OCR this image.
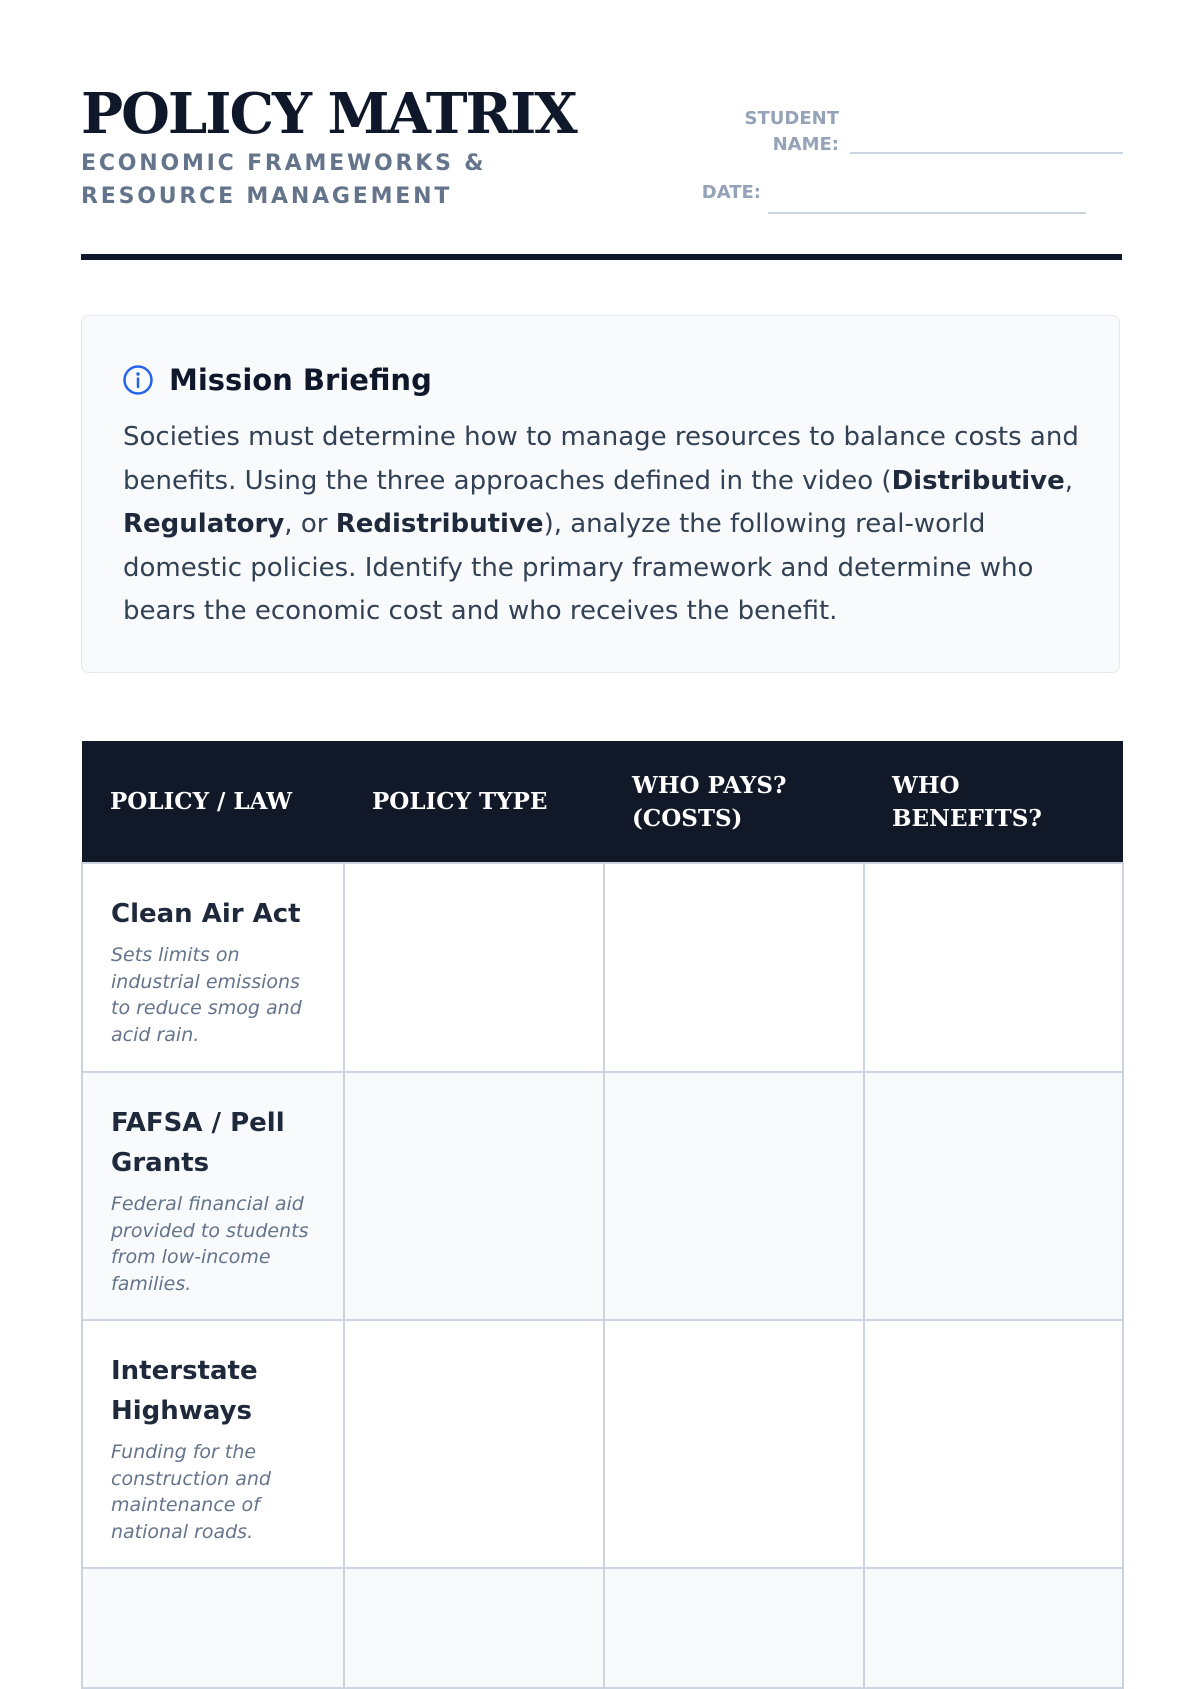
POLICY MATRIX
ECONOMIC FRAMEWORKS & RESOURCE MANAGEMENT
STUDENT NAME:
DATE:
Mission Briefing

Societies must determine how to manage resources to balance costs and benefits. Using the three approaches defined in the video (Distributive, Regulatory, or Redistributive), analyze the following real-world domestic policies. Identify the primary framework and determine who bears the economic cost and who receives the benefit.

POLICY / LAW	POLICY TYPE	WHO PAYS? (COSTS)	WHO BENEFITS?

Clean Air Act
Sets limits on industrial emissions to reduce smog and acid rain.			

FAFSA / Pell Grants
Federal financial aid provided to students from low-income families.			

Interstate Highways
Funding for the construction and maintenance of national roads.			
